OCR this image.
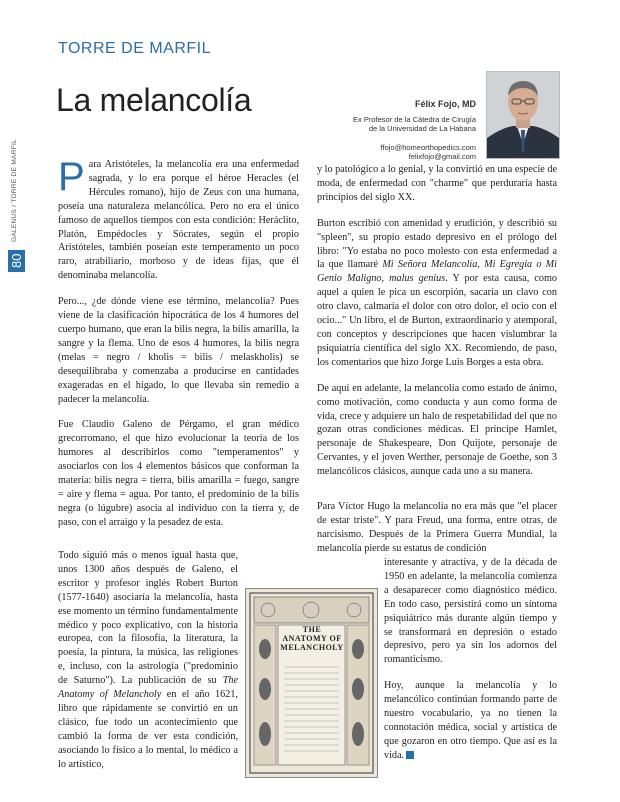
TORRE DE MARFIL
La melancolía
GALENUS / TORRE DE MARFIL
80
Félix Fojo, MD
Ex Profesor de la Cátedra de Cirugía
de la Universidad de La Habana
ffojo@homeorthopedics.com
felixfojo@gmail.com

Para Aristóteles, la melancolía era una enfermedad sagrada, y lo era porque el héroe Heracles (el Hércules romano), hijo de Zeus con una humana, poseía una naturaleza melancólica. Pero no era el único famoso de aquellos tiempos con esta condición: Heráclito, Platón, Empédocles y Sócrates, según el propio Aristóteles, también poseían este temperamento un poco raro, atrabiliario, morboso y de ideas fijas, que él denominaba melancolía.

Pero..., ¿de dónde viene ese término, melancolía? Pues viene de la clasificación hipocrática de los 4 humores del cuerpo humano, que eran la bilis negra, la bilis amarilla, la sangre y la flema. Uno de esos 4 humores, la bilis negra (melas = negro / kholis = bilis / melaskholis) se desequilibraba y comenzaba a producirse en cantidades exageradas en el hígado, lo que llevaba sin remedio a padecer la melancolía.

Fue Claudio Galeno de Pérgamo, el gran médico grecorromano, el que hizo evolucionar la teoría de los humores al describirlos como "temperamentos" y asociarlos con los 4 elementos básicos que conforman la materia: bilis negra = tierra, bilis amarilla = fuego, sangre = aire y flema = agua. Por tanto, el predominio de la bilis negra (o lúgubre) asocia al individuo con la tierra y, de paso, con el arraigo y la pesadez de esta.

Todo siguió más o menos igual hasta que, unos 1300 años después de Galeno, el escritor y profesor inglés Robert Burton (1577-1640) asociaría la melancolía, hasta ese momento un término fundamentalmente médico y poco explicativo, con la historia europea, con la filosofía, la literatura, la poesía, la pintura, la música, las religiones e, incluso, con la astrología ("predominio de Saturno"). La publicación de su The Anatomy of Melancholy en el año 1621, libro que rápidamente se convirtió en un clásico, fue todo un acontecimiento que cambió la forma de ver esta condición, asociando lo físico a lo mental, lo médico a lo artístico,
THE
ANATOMY OF
MELANCHOLY

y lo patológico a lo genial, y la convirtió en una especie de moda, de enfermedad con "charme" que perduraría hasta principios del siglo XX.

Burton escribió con amenidad y erudición, y describió su "spleen", su propio estado depresivo en el prólogo del libro: "Yo estaba no poco molesto con esta enfermedad a la que llamaré Mi Señora Melancolía, Mi Egregia o Mi Genio Maligno, malus genius. Y por esta causa, como aquel a quien le pica un escorpión, sacaría un clavo con otro clavo, calmaría el dolor con otro dolor, el ocio con el ocio..." Un libro, el de Burton, extraordinario y atemporal, con conceptos y descripciones que hacen vislumbrar la psiquiatría científica del siglo XX. Recomiendo, de paso, los comentarios que hizo Jorge Luis Borges a esta obra.

De aquí en adelante, la melancolía como estado de ánimo, como motivación, como conducta y aun como forma de vida, crece y adquiere un halo de respetabilidad del que no gozan otras condiciones médicas. El príncipe Hamlet, personaje de Shakespeare, Don Quijote, personaje de Cervantes, y el joven Werther, personaje de Goethe, son 3 melancólicos clásicos, aunque cada uno a su manera.

Para Víctor Hugo la melancolía no era más que "el placer de estar triste". Y para Freud, una forma, entre otras, de narcisismo. Después de la Primera Guerra Mundial, la melancolía pierde su estatus de condición
interesante y atractiva, y de la década de 1950 en adelante, la melancolía comienza a desaparecer como diagnóstico médico. En todo caso, persistirá como un síntoma psiquiátrico más durante algún tiempo y se transformará en depresión o estado depresivo, pero ya sin los adornos del romanticismo.
Hoy, aunque la melancolía y lo melancólico continúan formando parte de nuestro vocabulario, ya no tienen la connotación médica, social y artística de que gozaron en otro tiempo. Que así es la vida.
